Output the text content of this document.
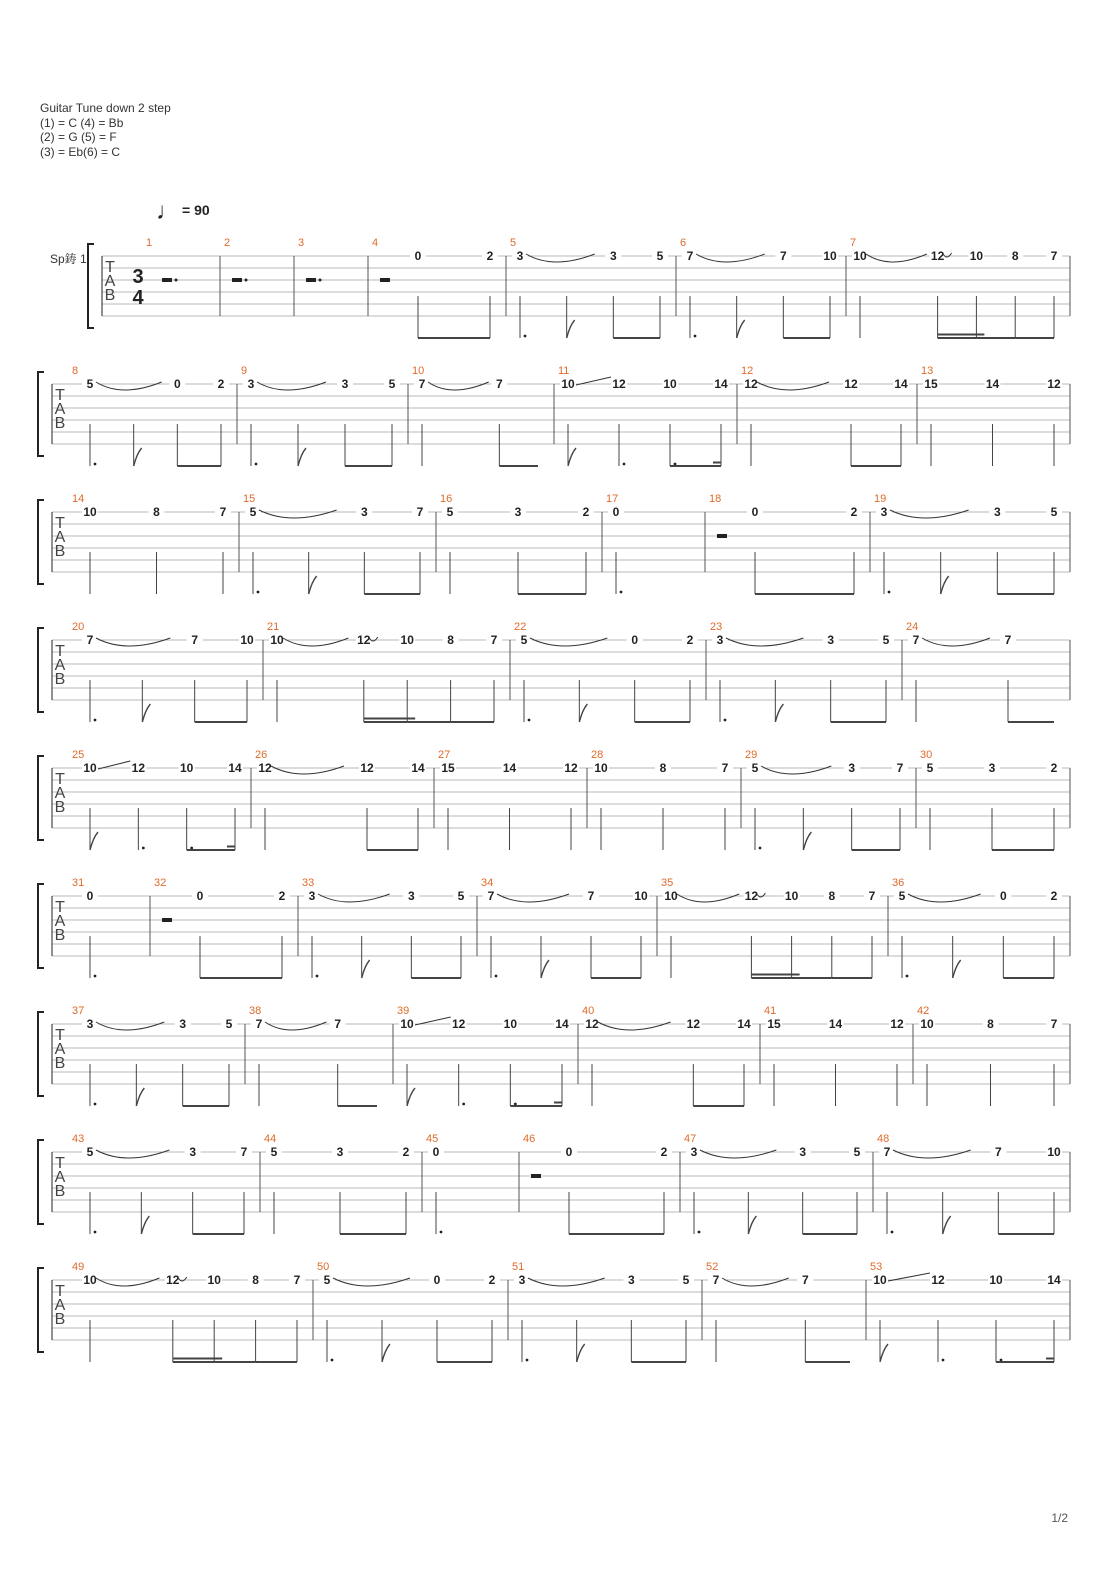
Guitar Tune down 2 step
(1) = C (4) = Bb
(2) = G (5) = F
(3) = Eb(6) = C
♩ = 90
Sp鋳 1 T
A
B
3
4
1	2	3	4
0	2
5
3	3	5
6
7	7	10
7
10	12 10 8	7
T
A
B
8
5	0	2
9
3	3	5
10
7	7
11
10	12	10	14
12
12	12	14
13
15	14	12
T
A
B
14
10	8	7
15
5	3	7
16
5	3	2
17
0
18
0	2
19
3	3	5
T
A
B
20
7	7	10
21
10	12	10	8	7
22
5	0	2
23
3	3	5
24
7	7
T
A
B
25
10	12	10	14
26
12	12	14
27
15	14	12
28
10	8	7
29
5	3	7
30
5	3	2
T
A
B
31
0
32
0	2
33
3	3	5
34
7	7	10
35
10	12 10	8	7
36
5	0	2
T
A
B
37
3	3	5
38
7	7
39
10	12	10	14
40
12	12	14
41
15	14	12
42
10	8	7
T
A
B
43
5	3	7
44
5	3	2
45
0
46
0	2
47
3	3	5
48
7	7	10
T
A
B
49
10	12 10	8	7
50
5	0	2
51
3	3	5
52
7	7
53
10	12	10	14
1/2
